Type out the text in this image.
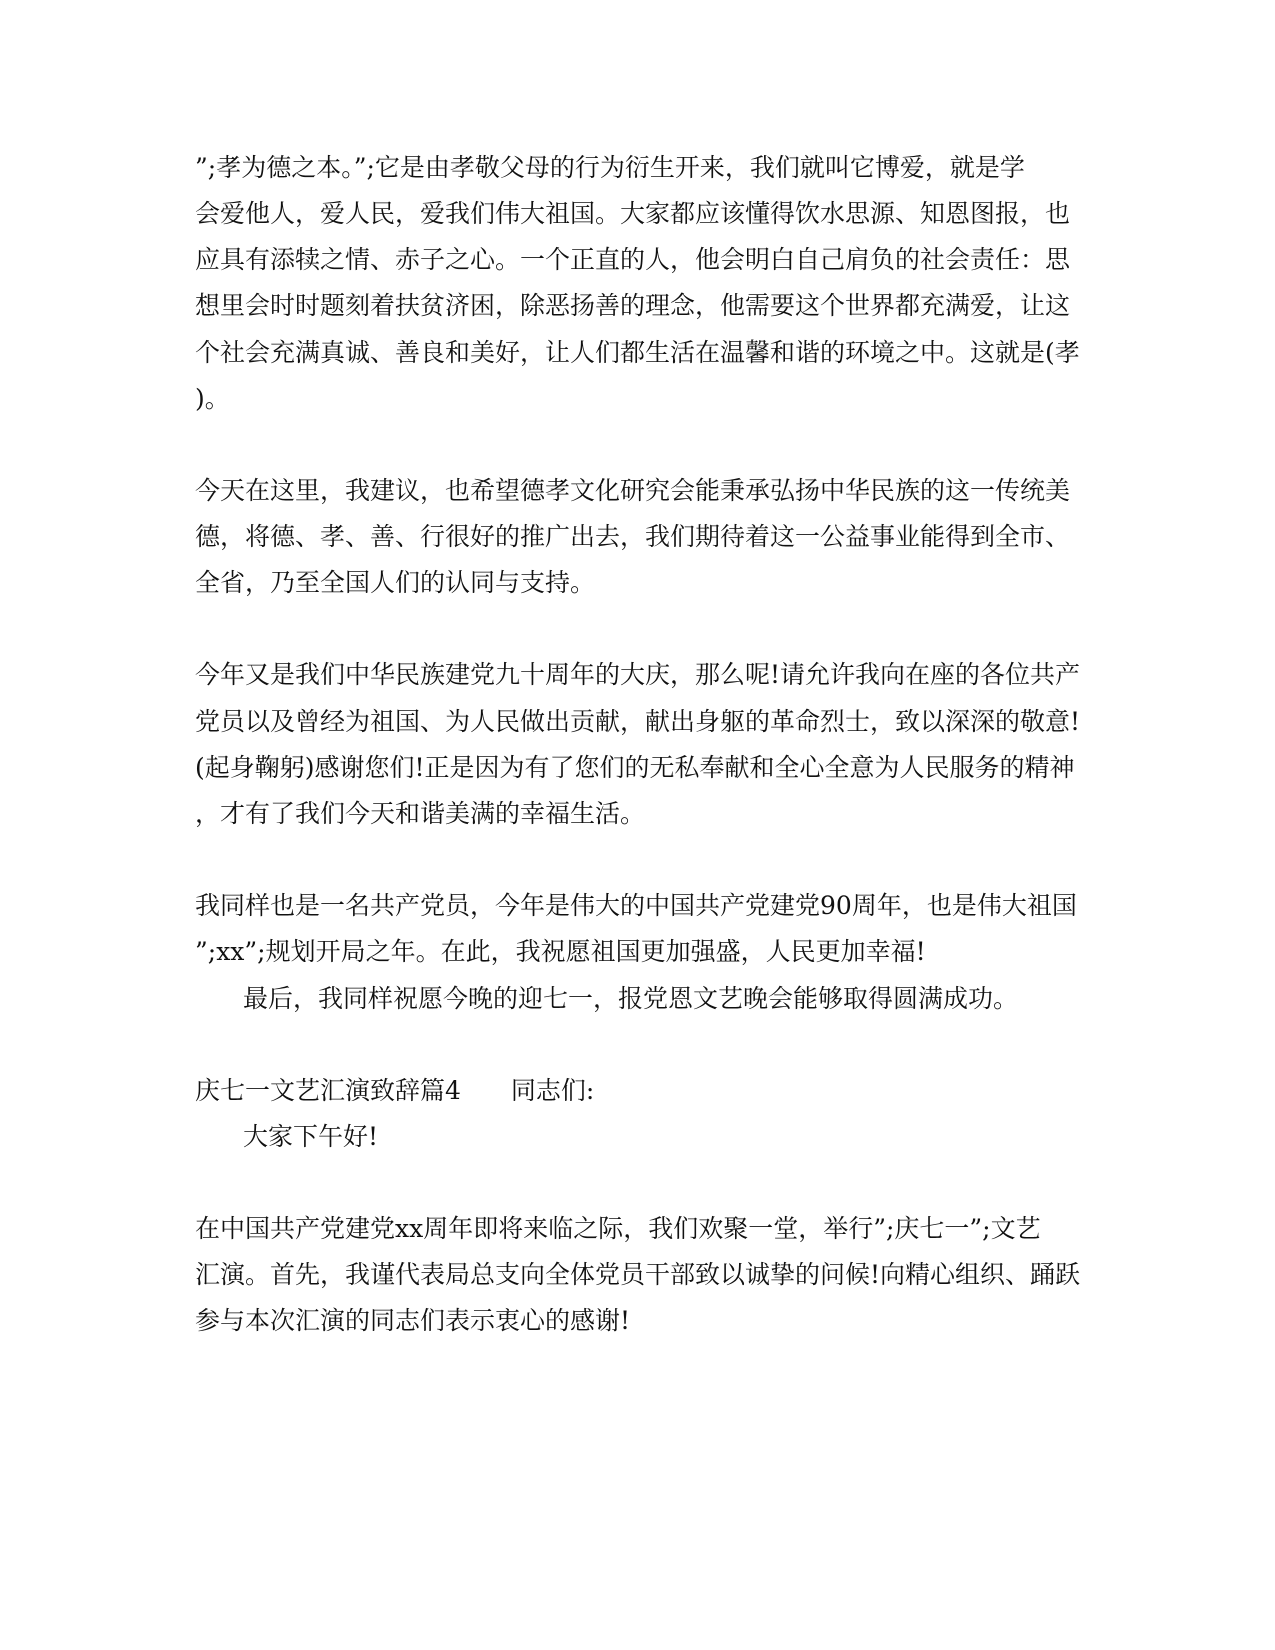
”;孝为德之本。”;它是由孝敬父母的行为衍生开来，我们就叫它博爱，就是学
会爱他人，爱人民，爱我们伟大祖国。大家都应该懂得饮水思源、知恩图报，也
应具有添犊之情、赤子之心。一个正直的人，他会明白自己肩负的社会责任：思
想里会时时题刻着扶贫济困，除恶扬善的理念，他需要这个世界都充满爱，让这
个社会充满真诚、善良和美好，让人们都生活在温馨和谐的环境之中。这就是(孝
)。
今天在这里，我建议，也希望德孝文化研究会能秉承弘扬中华民族的这一传统美
德，将德、孝、善、行很好的推广出去，我们期待着这一公益事业能得到全市、
全省，乃至全国人们的认同与支持。
今年又是我们中华民族建党九十周年的大庆，那么呢!请允许我向在座的各位共产
党员以及曾经为祖国、为人民做出贡献，献出身躯的革命烈士，致以深深的敬意!
(起身鞠躬)感谢您们!正是因为有了您们的无私奉献和全心全意为人民服务的精神
，才有了我们今天和谐美满的幸福生活。
我同样也是一名共产党员，今年是伟大的中国共产党建党90周年，也是伟大祖国
”;xx”;规划开局之年。在此，我祝愿祖国更加强盛，人民更加幸福!
最后，我同样祝愿今晚的迎七一，报党恩文艺晚会能够取得圆满成功。
庆七一文艺汇演致辞篇4　　同志们:
大家下午好!
在中国共产党建党xx周年即将来临之际，我们欢聚一堂，举行”;庆七一”;文艺
汇演。首先，我谨代表局总支向全体党员干部致以诚挚的问候!向精心组织、踊跃
参与本次汇演的同志们表示衷心的感谢!
